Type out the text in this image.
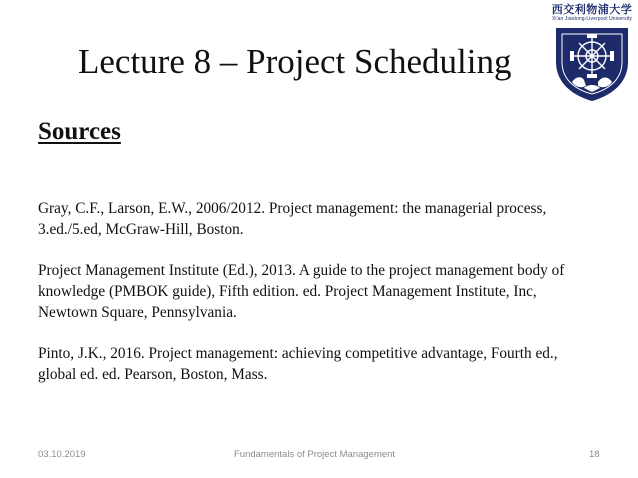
Lecture 8 – Project Scheduling
西交利物浦大学
Xi'an Jiaotong-Liverpool University
Sources

Gray, C.F., Larson, E.W., 2006/2012. Project management: the managerial process,
3.ed./5.ed, McGraw-Hill, Boston.

Project Management Institute (Ed.), 2013. A guide to the project management body of
knowledge (PMBOK guide), Fifth edition. ed. Project Management Institute, Inc,
Newtown Square, Pennsylvania.

Pinto, J.K., 2016. Project management: achieving competitive advantage, Fourth ed.,
global ed. ed. Pearson, Boston, Mass.

03.10.2019	Fundamentals of Project Management	18
